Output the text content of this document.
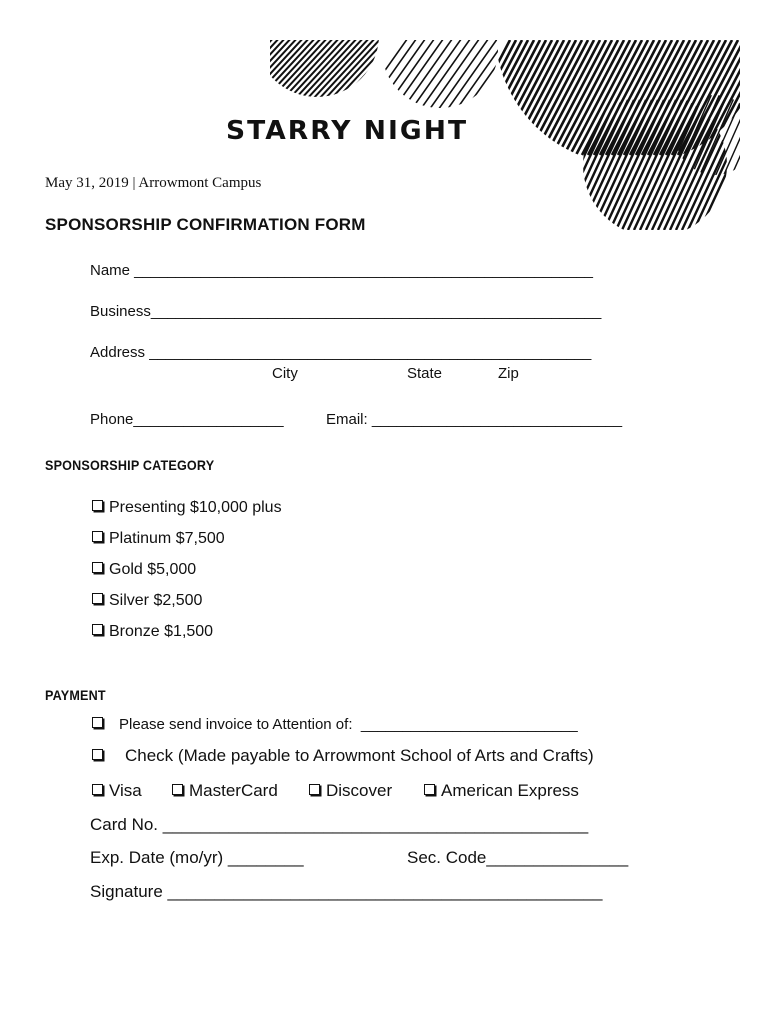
STARRY NIGHT
May 31, 2019 | Arrowmont Campus
SPONSORSHIP CONFIRMATION FORM
Name _______________________________________________________
Business______________________________________________________
Address _____________________________________________________
City	State	Zip
Phone__________________	Email: ______________________________
SPONSORSHIP CATEGORY
Presenting $10,000 plus
Platinum $7,500
Gold $5,000
Silver $2,500
Bronze $1,500
PAYMENT
Please send invoice to Attention of:  __________________________
Check (Made payable to Arrowmont School of Arts and Crafts)
Visa	MasterCard	Discover	American Express
Card No. _____________________________________________
Exp. Date (mo/yr) ________	Sec. Code_______________
Signature ______________________________________________
